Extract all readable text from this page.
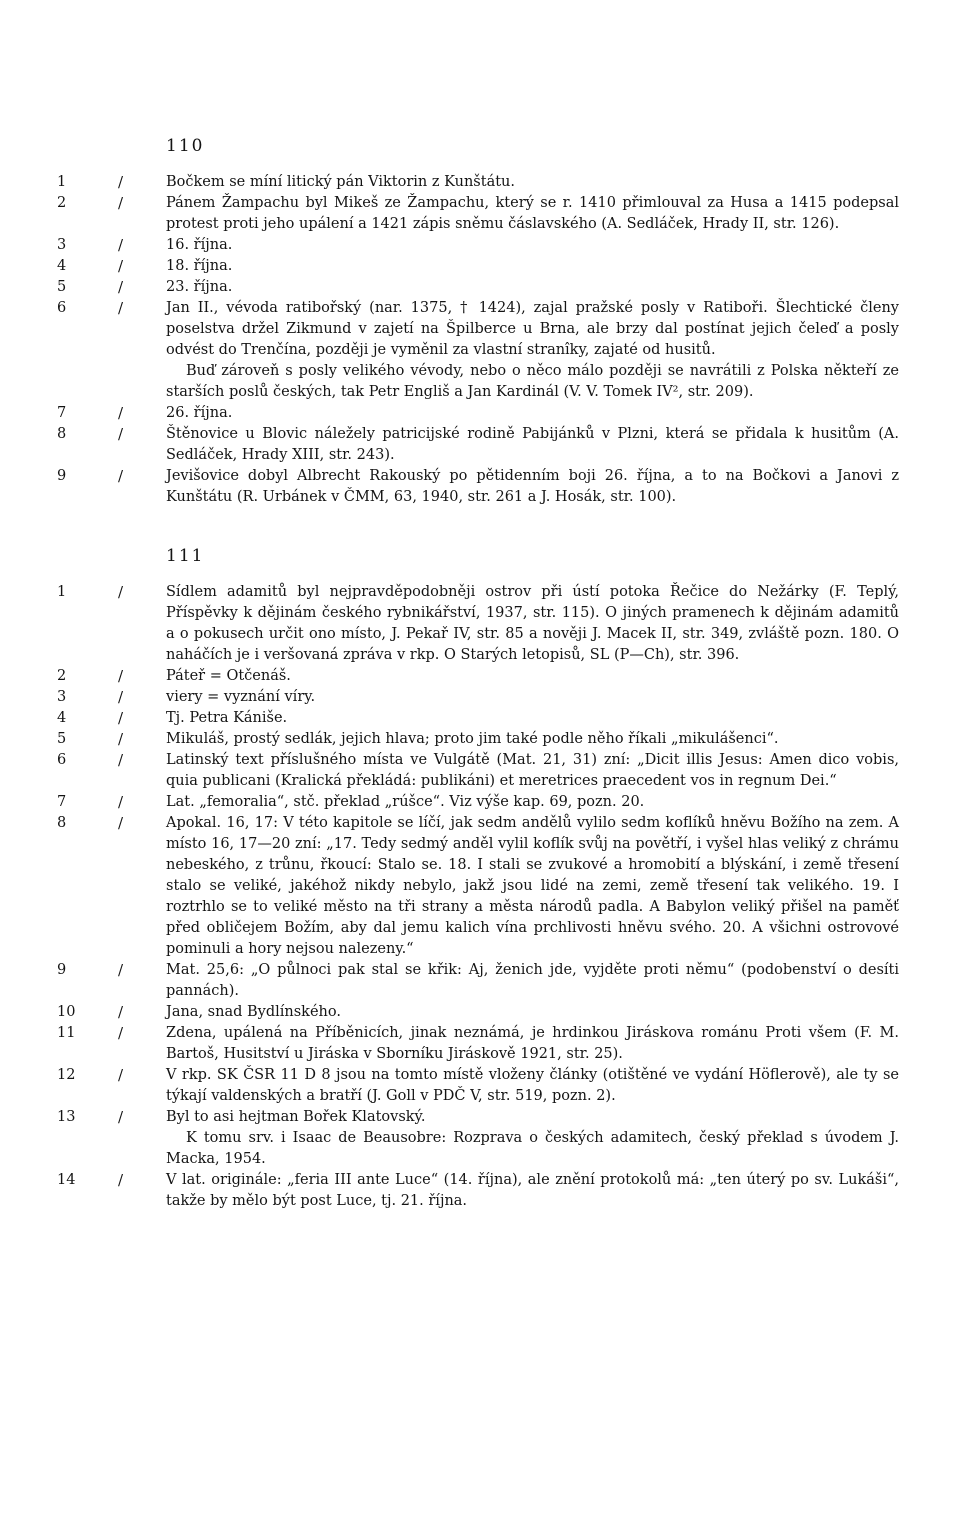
110
1	/	Bočkem se míní litický pán Viktorin z Kunštátu.
2	/	Pánem Žampachu byl Mikeš ze Žampachu, který se r. 1410 přimlouval za Husa a 1415 podepsal protest proti jeho upálení a 1421 zápis sněmu čáslavského (A. Sedláček, Hrady II, str. 126).
3	/	16. října.
4	/	18. října.
5	/	23. října.
6	/	Jan II., vévoda ratibořský (nar. 1375, † 1424), zajal pražské posly v Ratiboři. Šlechtické členy poselstva držel Zikmund v zajetí na Špilberce u Brna, ale brzy dal postínat jejich čeleď a posly odvést do Trenčína, později je vyměnil za vlastní stranîky, zajaté od husitů.
Buď zároveň s posly velikého vévody, nebo o něco málo později se navrátili z Polska někteří ze starších poslů českých, tak Petr Engliš a Jan Kardinál (V. V. Tomek IV², str. 209).
7	/	26. října.
8	/	Štěnovice u Blovic náležely patricijské rodině Pabijánků v Plzni, která se přidala k husitům (A. Sedláček, Hrady XIII, str. 243).
9	/	Jevišovice dobyl Albrecht Rakouský po pětidenním boji 26. října, a to na Bočkovi a Janovi z Kunštátu (R. Urbánek v ČMM, 63, 1940, str. 261 a J. Hosák, str. 100).
111
1	/	Sídlem adamitů byl nejpravděpodobněji ostrov při ústí potoka Řečice do Nežárky (F. Teplý, Příspěvky k dějinám českého rybnikářství, 1937, str. 115). O jiných pramenech k dějinám adamitů a o pokusech určit ono místo, J. Pekař IV, str. 85 a nověji J. Macek II, str. 349, zvláště pozn. 180. O naháčích je i veršovaná zpráva v rkp. O Starých letopisů, SL (P—Ch), str. 396.
2	/	Páteř = Otčenáš.
3	/	viery = vyznání víry.
4	/	Tj. Petra Kániše.
5	/	Mikuláš, prostý sedlák, jejich hlava; proto jim také podle něho říkali „mikulášenci“.
6	/	Latinský text příslušného místa ve Vulgátě (Mat. 21, 31) zní: „Dicit illis Jesus: Amen dico vobis, quia publicani (Kralická překládá: publikáni) et meretrices praecedent vos in regnum Dei.“
7	/	Lat. „femoralia“, stč. překlad „rúšce“. Viz výše kap. 69, pozn. 20.
8	/	Apokal. 16, 17: V této kapitole se líčí, jak sedm andělů vylilo sedm koflíků hněvu Božího na zem. A místo 16, 17—20 zní: „17. Tedy sedmý anděl vylil koflík svůj na povětří, i vyšel hlas veliký z chrámu nebeského, z trůnu, řkoucí: Stalo se. 18. I stali se zvukové a hromobití a blýskání, i země třesení stalo se veliké, jakéhož nikdy nebylo, jakž jsou lidé na zemi, země třesení tak velikého. 19. I roztrhlo se to veliké město na tři strany a města národů padla. A Babylon veliký přišel na paměť před obličejem Božím, aby dal jemu kalich vína prchlivosti hněvu svého. 20. A všichni ostrovové pominuli a hory nejsou nalezeny.“
9	/	Mat. 25,6: „O půlnoci pak stal se křik: Aj, ženich jde, vyjděte proti němu“ (podobenství o desíti pannách).
10	/	Jana, snad Bydlínského.
11	/	Zdena, upálená na Příběnicích, jinak neznámá, je hrdinkou Jiráskova románu Proti všem (F. M. Bartoš, Husitství u Jiráska v Sborníku Jiráskově 1921, str. 25).
12	/	V rkp. SK ČSR 11 D 8 jsou na tomto místě vloženy články (otištěné ve vydání Höflerově), ale ty se týkají valdenských a bratří (J. Goll v PDČ V, str. 519, pozn. 2).
13	/	Byl to asi hejtman Bořek Klatovský.
K tomu srv. i Isaac de Beausobre: Rozprava o českých adamitech, český překlad s úvodem J. Macka, 1954.
14	/	V lat. originále: „feria III ante Luce“ (14. října), ale znění protokolů má: „ten úterý po sv. Lukáši“, takže by mělo být post Luce, tj. 21. října.
